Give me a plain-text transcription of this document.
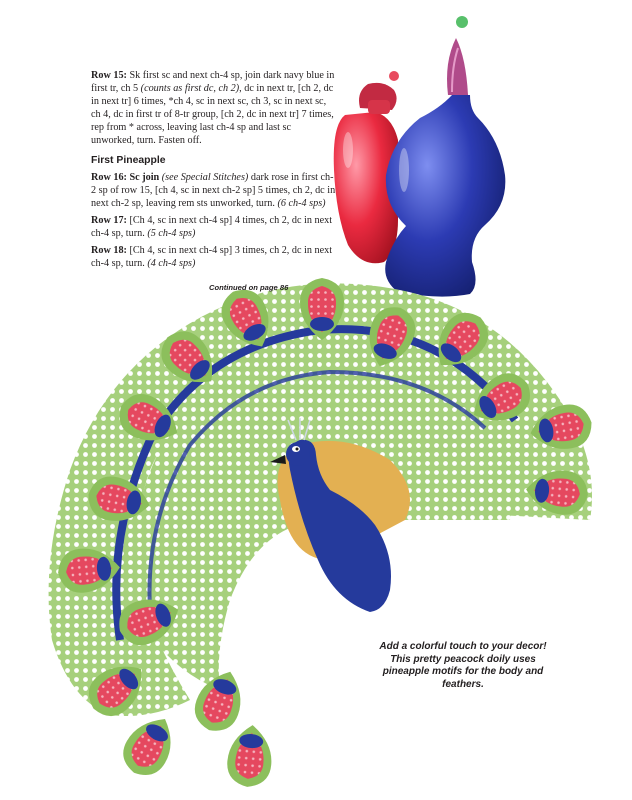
Row 15: Sk first sc and next ch-4 sp, join dark navy blue in first tr, ch 5 (counts as first dc, ch 2), dc in next tr, [ch 2, dc in next tr] 6 times, *ch 4, sc in next sc, ch 3, sc in next sc, ch 4, dc in first tr of 8-tr group, [ch 2, dc in next tr] 7 times, rep from * across, leaving last ch-4 sp and last sc unworked, turn. Fasten off.

First Pineapple

Row 16: Sc join (see Special Stitches) dark rose in first ch-2 sp of row 15, [ch 4, sc in next ch-2 sp] 5 times, ch 2, dc in next ch-2 sp, leaving rem sts unworked, turn. (6 ch-4 sps)

Row 17: [Ch 4, sc in next ch-4 sp] 4 times, ch 2, dc in next ch-4 sp, turn. (5 ch-4 sps)

Row 18: [Ch 4, sc in next ch-4 sp] 3 times, ch 2, dc in next ch-4 sp, turn. (4 ch-4 sps)

Continued on page 86
Add a colorful touch to your decor! This pretty peacock doily uses pineapple motifs for the body and feathers.
